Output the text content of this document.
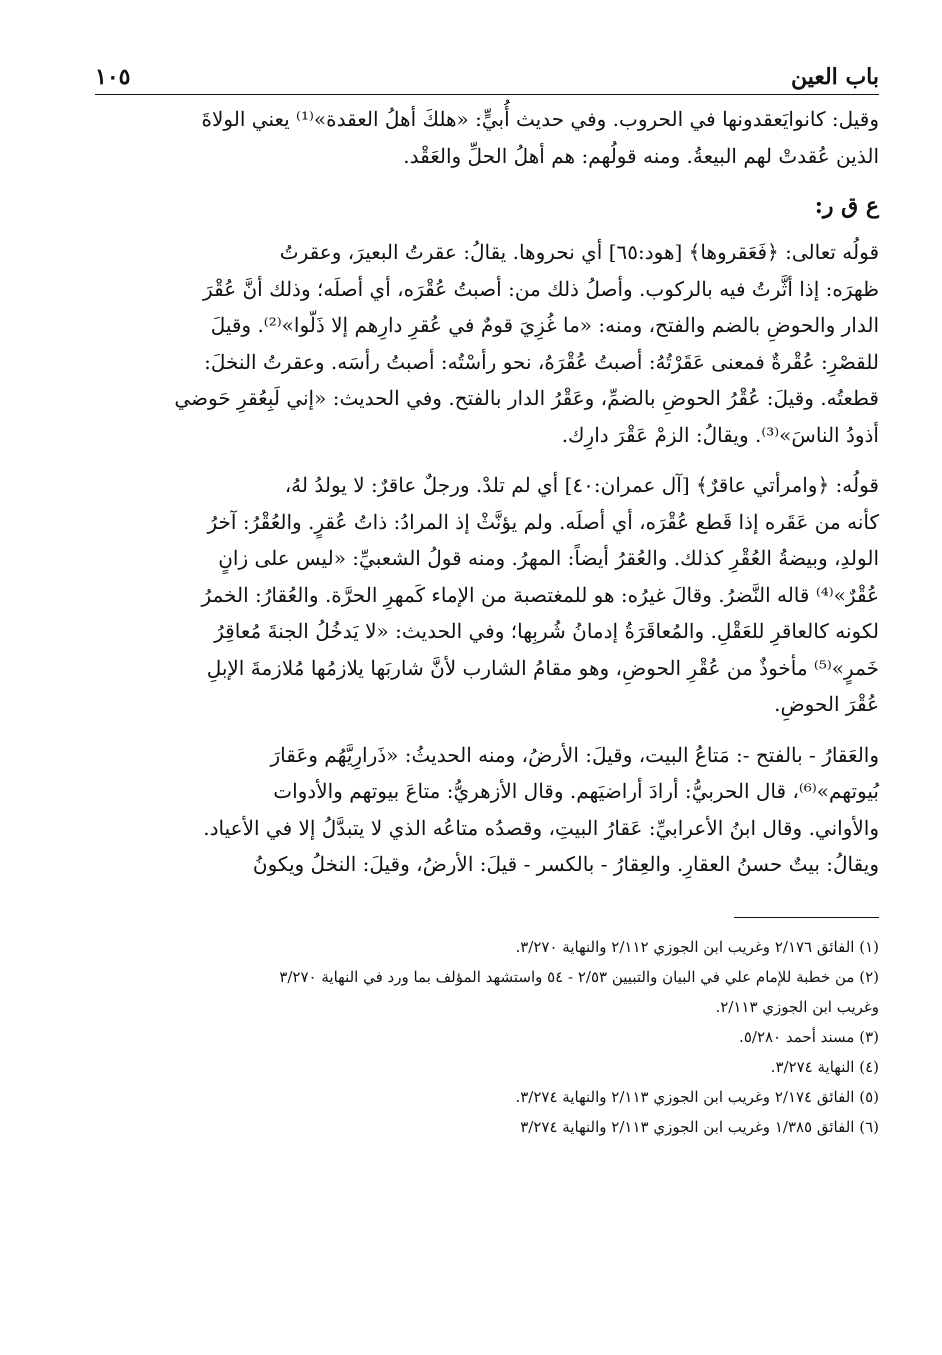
باب العين
١٠٥

وقيل: كانوايَعقدونها في الحروب. وفي حديث أُبيٍّ: «هلكَ أهلُ العقدة»⁽¹⁾ يعني الولاةَ

الذين عُقدتْ لهم البيعةُ. ومنه قولُهم: هم أهلُ الحلِّ والعَقْد.

ع ق ر:

قولُه تعالى: ﴿فَعَقروها﴾ [هود:٦٥] أي نحروها. يقالُ: عقرتُ البعيرَ، وعقرتُ

ظهرَه: إذا أثَّرتُ فيه بالركوب. وأصلُ ذلك من: أصبتُ عُقْرَه، أي أصلَه؛ وذلك أنَّ عُقْرَ

الدار والحوضِ بالضم والفتح، ومنه: «ما غُزِيَ قومٌ في عُقرِ دارِهم إلا ذَلّوا»⁽²⁾. وقيلَ

للقصْرِ: عُقْرةٌ فمعنى عَقَرْتُهُ: أصبتُ عُقْرَهُ، نحو رأسْتُه: أصبتُ رأسَه. وعقرتُ النخلَ:

قطعتُه. وقيلَ: عُقْرُ الحوضِ بالضمِّ، وعَقْرُ الدار بالفتح. وفي الحديث: «إني لَبِعُقرِ حَوضي

أذودُ الناسَ»⁽³⁾. ويقالُ: الزمْ عَقْرَ دارِك.

قولُه: ﴿وامرأتي عاقرٌ﴾ [آل عمران:٤٠] أي لم تلدْ. ورجلٌ عاقرٌ: لا يولدُ لهُ،

كأنه من عَقَره إذا قَطع عُقْرَه، أي أصلَه. ولم يؤنَّثْ إذ المرادُ: ذاتُ عُقرٍ. والعُقْرُ: آخرُ

الولدِ، وبيضةُ العُقْرِ كذلك. والعُقرُ أيضاً: المهرُ. ومنه قولُ الشعبيِّ: «ليس على زانٍ

عُقْرٌ»⁽⁴⁾ قاله النَّضرُ. وقالَ غيرُه: هو للمغتصبة من الإماء كَمهرِ الحرَّة. والعُقارُ: الخمرُ

لكونه كالعاقرِ للعَقْلِ. والمُعاقَرَةُ إدمانُ شُربِها؛ وفي الحديث: «لا يَدخُلُ الجنةَ مُعاقِرُ

خَمرٍ»⁽⁵⁾ مأخوذٌ من عُقْرِ الحوضِ، وهو مقامُ الشارب لأنَّ شاربَها يلازمُها مُلازمةَ الإبلِ

عُقْرَ الحوضِ.

والعَقارُ - بالفتح -: مَتاعُ البيت، وقيلَ: الأرضُ، ومنه الحديثُ: «ذَرارِيَّهُم وعَقارَ

بُيوتهم»⁽⁶⁾، قال الحربيُّ: أرادَ أراضيَهم. وقال الأزهريُّ: متاعَ بيوتهم والأدوات

والأواني. وقال ابنُ الأعرابيِّ: عَقارُ البيتِ، وقصدُه متاعُه الذي لا يتبدَّلُ إلا في الأعياد.

ويقالُ: بيتٌ حسنُ العقارِ. والعِقارُ - بالكسر - قيلَ: الأرضُ، وقيلَ: النخلُ ويكونُ

(١) الفائق ٢/١٧٦ وغريب ابن الجوزي ٢/١١٢ والنهاية ٣/٢٧٠.

(٢) من خطبة للإمام علي في البيان والتبيين ٢/٥٣ - ٥٤ واستشهد المؤلف بما ورد في النهاية ٣/٢٧٠

وغريب ابن الجوزي ٢/١١٣.

(٣) مسند أحمد ٥/٢٨٠.

(٤) النهاية ٣/٢٧٤.

(٥) الفائق ٢/١٧٤ وغريب ابن الجوزي ٢/١١٣ والنهاية ٣/٢٧٤.

(٦) الفائق ١/٣٨٥ وغريب ابن الجوزي ٢/١١٣ والنهاية ٣/٢٧٤
